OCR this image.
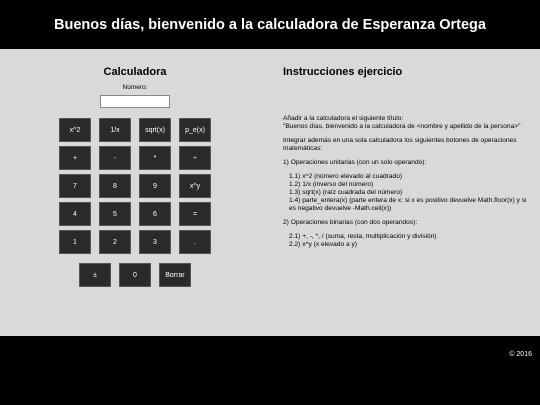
Buenos días, bienvenido a la calculadora de Esperanza Ortega
Calculadora
Número:
x^2	1/x	sqrt(x)	p_e(x)
+	-	*	÷
7	8	9	x^y
4	5	6	=
1	2	3	.
±	0	Borrar
Instrucciones ejercicio

Añadir a la calculadora el siguiente título:
"Buenos días, bienvenido a la calculadora de <nombre y apellido de la persona>"

Integrar además en una sola calculadora los siguientes botones de operaciones matemáticas:

1) Operaciones unitarias (con un solo operando):

1.1) x^2 (número elevado al cuadrado)
1.2) 1/x (inverso del número)
1.3) sqrt(x) (raíz cuadrada del número)
1.4) parte_entera(x) (parte entera de x: si x es positivo devuelve Math.floor(x) y si es negativo devuelve -Math.ceil(x))

2) Operaciones binarias (con dos operandos):

2.1) +, -, *, / (suma, resta, multiplicación y división)
2.2) x^y (x elevado a y)

© 2016
